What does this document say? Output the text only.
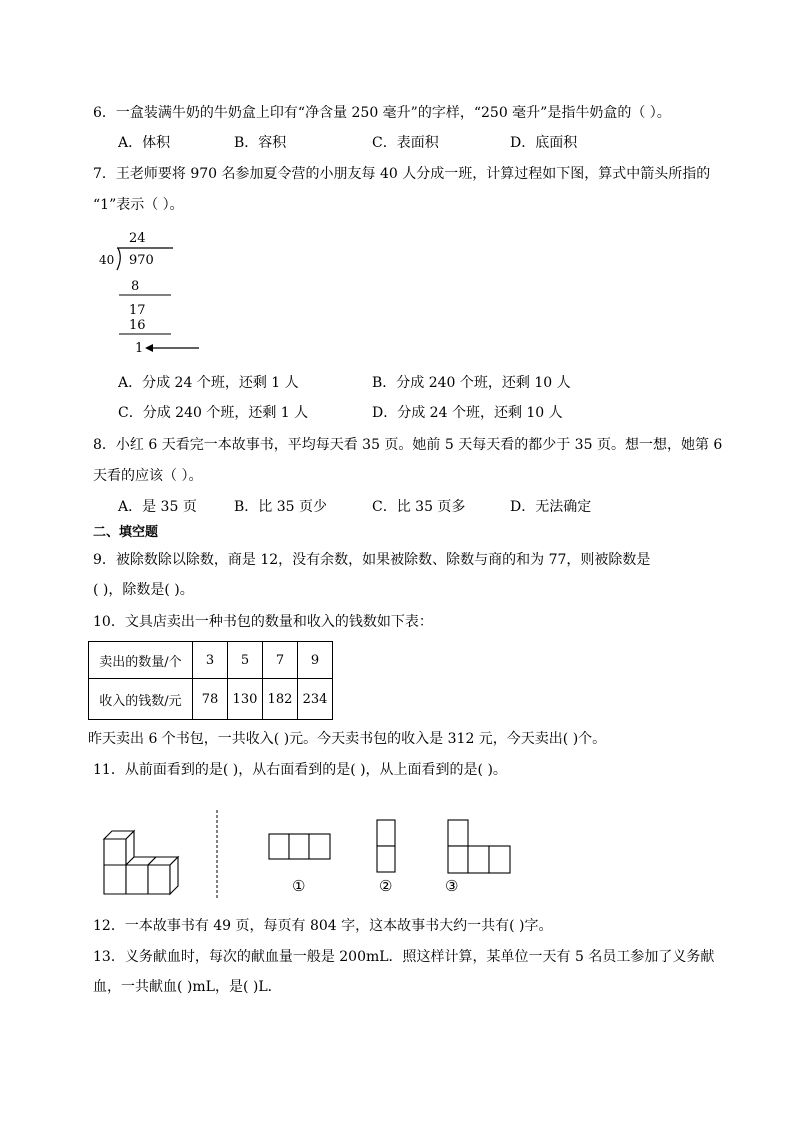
6．一盒装满牛奶的牛奶盒上印有“净含量 250 毫升”的字样，“250 毫升”是指牛奶盒的（ ）。
A．体积	B．容积	C．表面积	D．底面积
7．王老师要将 970 名参加夏令营的小朋友每 40 人分成一班，计算过程如下图，算式中箭头所指的
“1”表示（ ）。
24
40 970
8
17
16
1
A．分成 24 个班，还剩 1 人	B．分成 240 个班，还剩 10 人
C．分成 240 个班，还剩 1 人	D．分成 24 个班，还剩 10 人
8．小红 6 天看完一本故事书，平均每天看 35 页。她前 5 天每天看的都少于 35 页。想一想，她第 6
天看的应该（ ）。
A．是 35 页	B．比 35 页少	C．比 35 页多	D．无法确定
二、填空题
9．被除数除以除数，商是 12，没有余数，如果被除数、除数与商的和为 77，则被除数是
( )，除数是( )。
10．文具店卖出一种书包的数量和收入的钱数如下表：
卖出的数量/个	3	5	7	9
收入的钱数/元	78	130	182	234
昨天卖出 6 个书包，一共收入( )元。今天卖书包的收入是 312 元，今天卖出( )个。
11．从前面看到的是( )，从右面看到的是( )，从上面看到的是( )。
①	②	③
12．一本故事书有 49 页，每页有 804 字，这本故事书大约一共有( )字。
13．义务献血时，每次的献血量一般是 200mL．照这样计算，某单位一天有 5 名员工参加了义务献
血，一共献血( )mL，是( )L．
